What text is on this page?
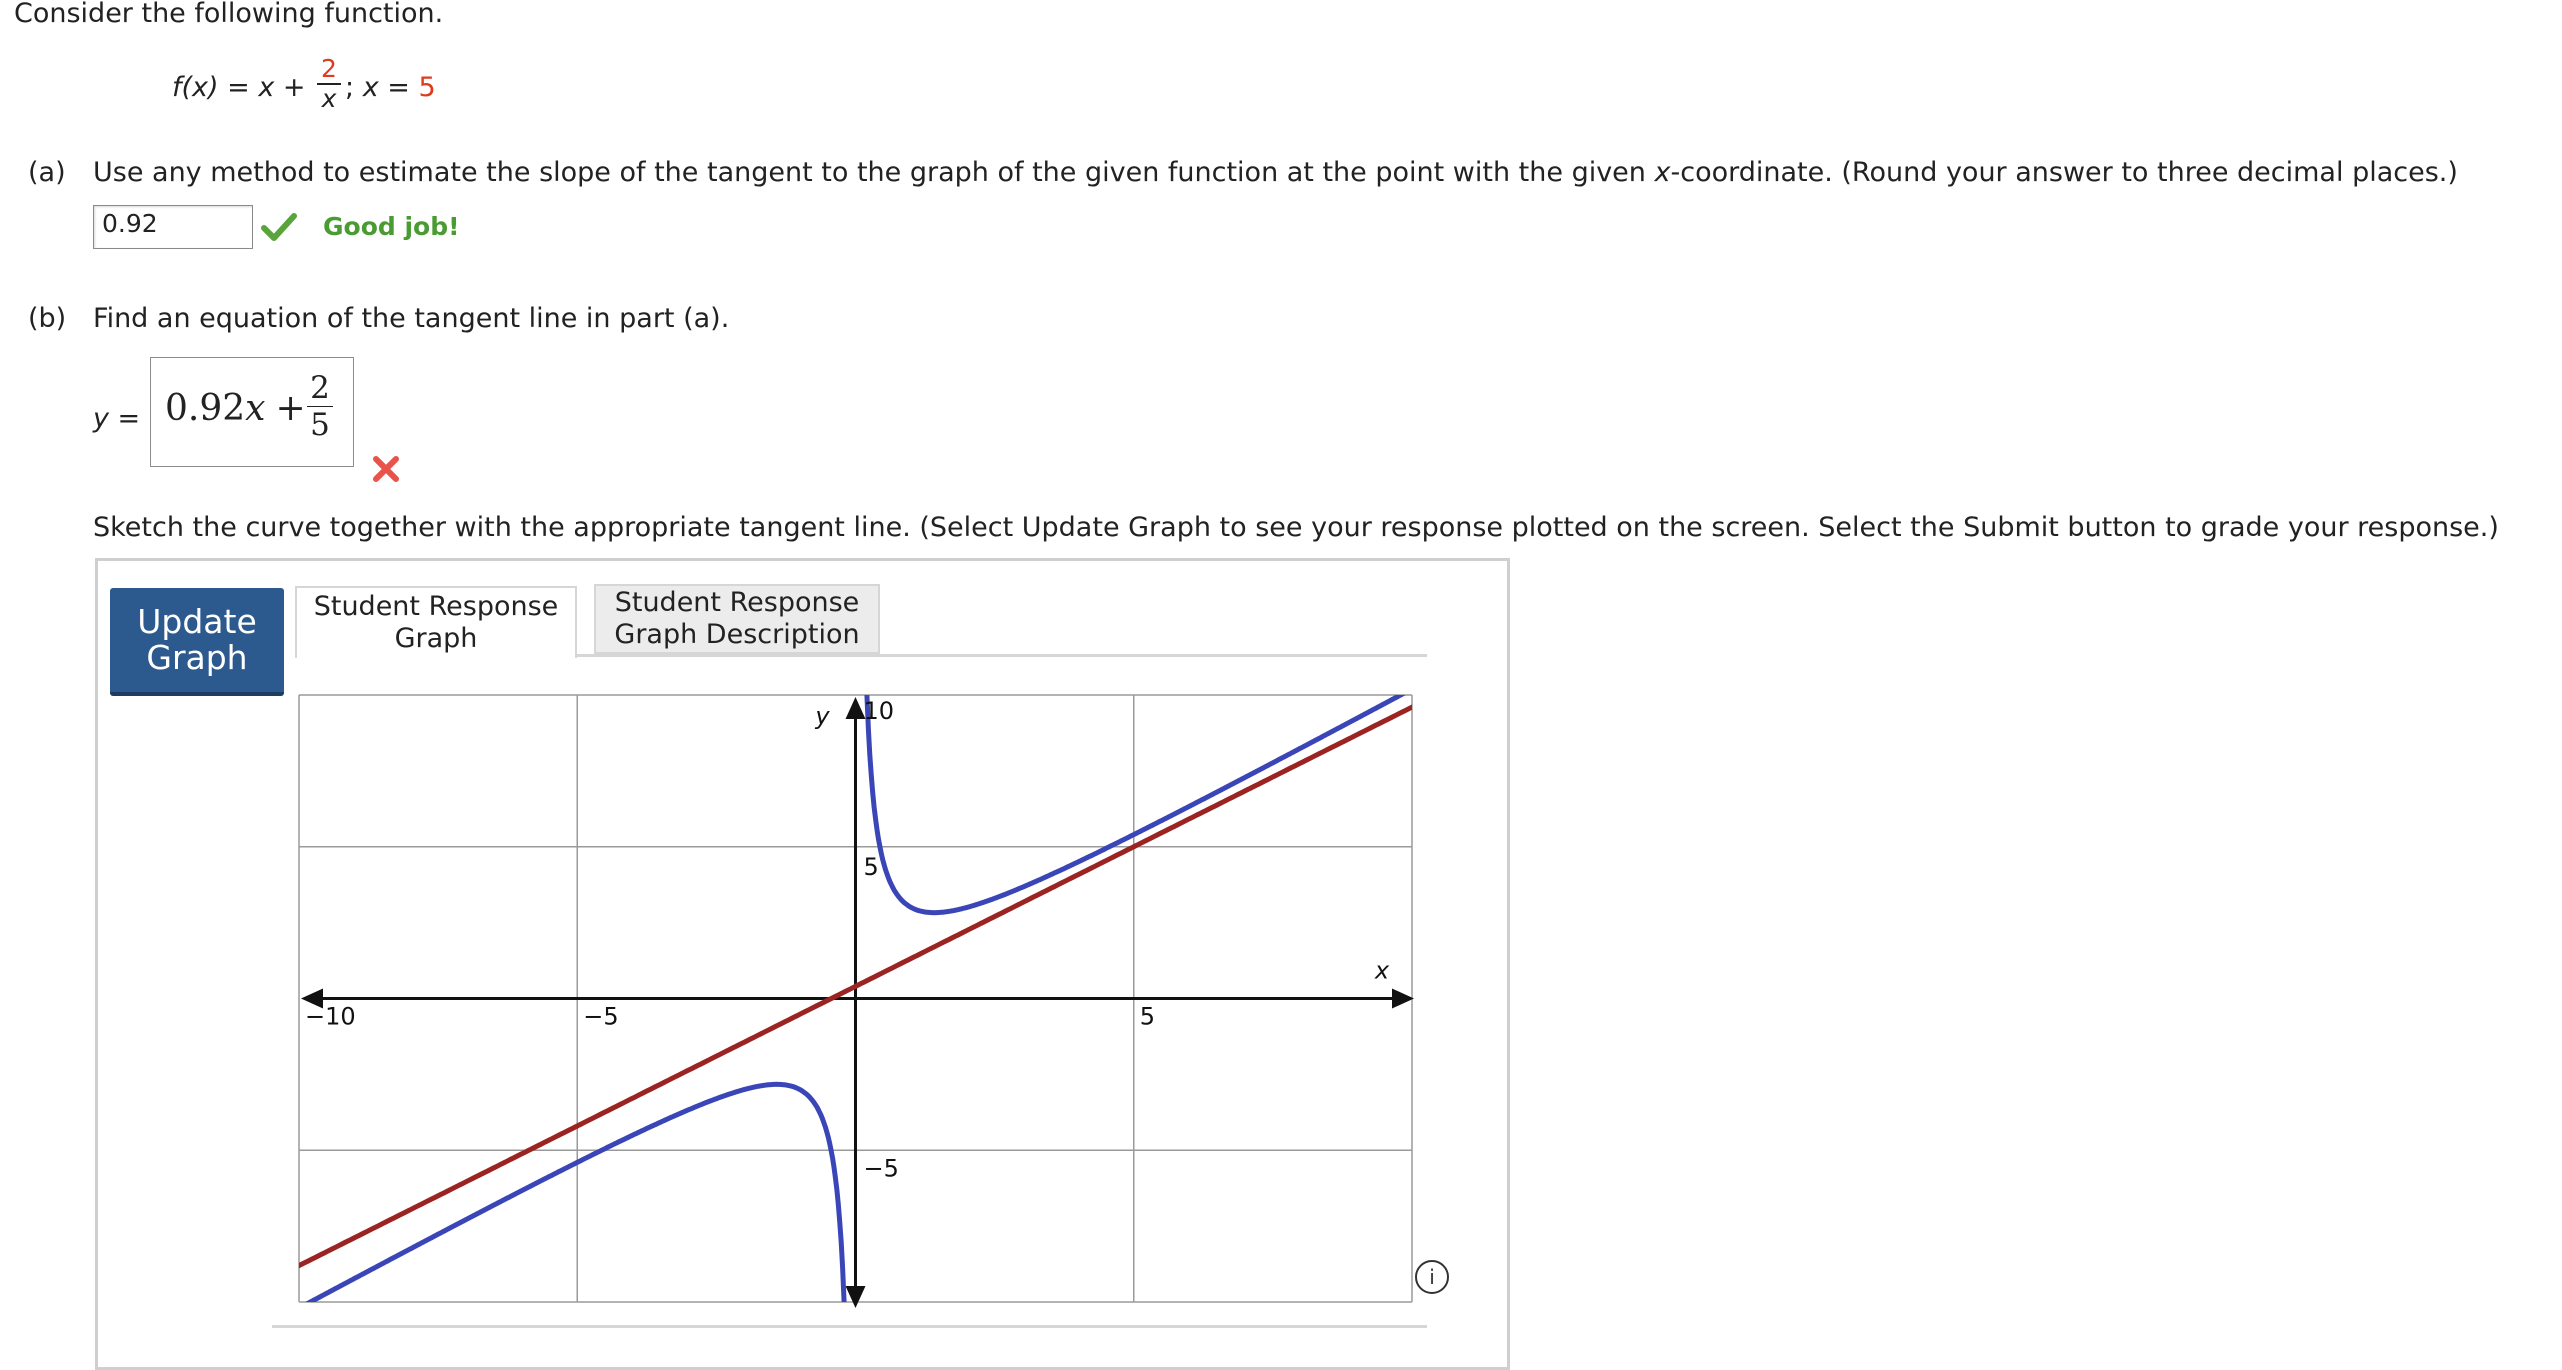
Consider the following function.
f(x) = x +
2
x ; x = 5
(a) Use any method to estimate the slope of the tangent to the graph of the given function at the point with the given x-coordinate. (Round your answer to three decimal places.)
0.92	Good job!
(b) Find an equation of the tangent line in part (a).
y = 0.92x + 2
5
Sketch the curve together with the appropriate tangent line. (Select Update Graph to see your response plotted on the screen. Select the Submit button to grade your response.)
Update
Graph
Student Response
Graph
Student Response
Graph Description
−10	−5	5
10
5
−5
x
y
i
